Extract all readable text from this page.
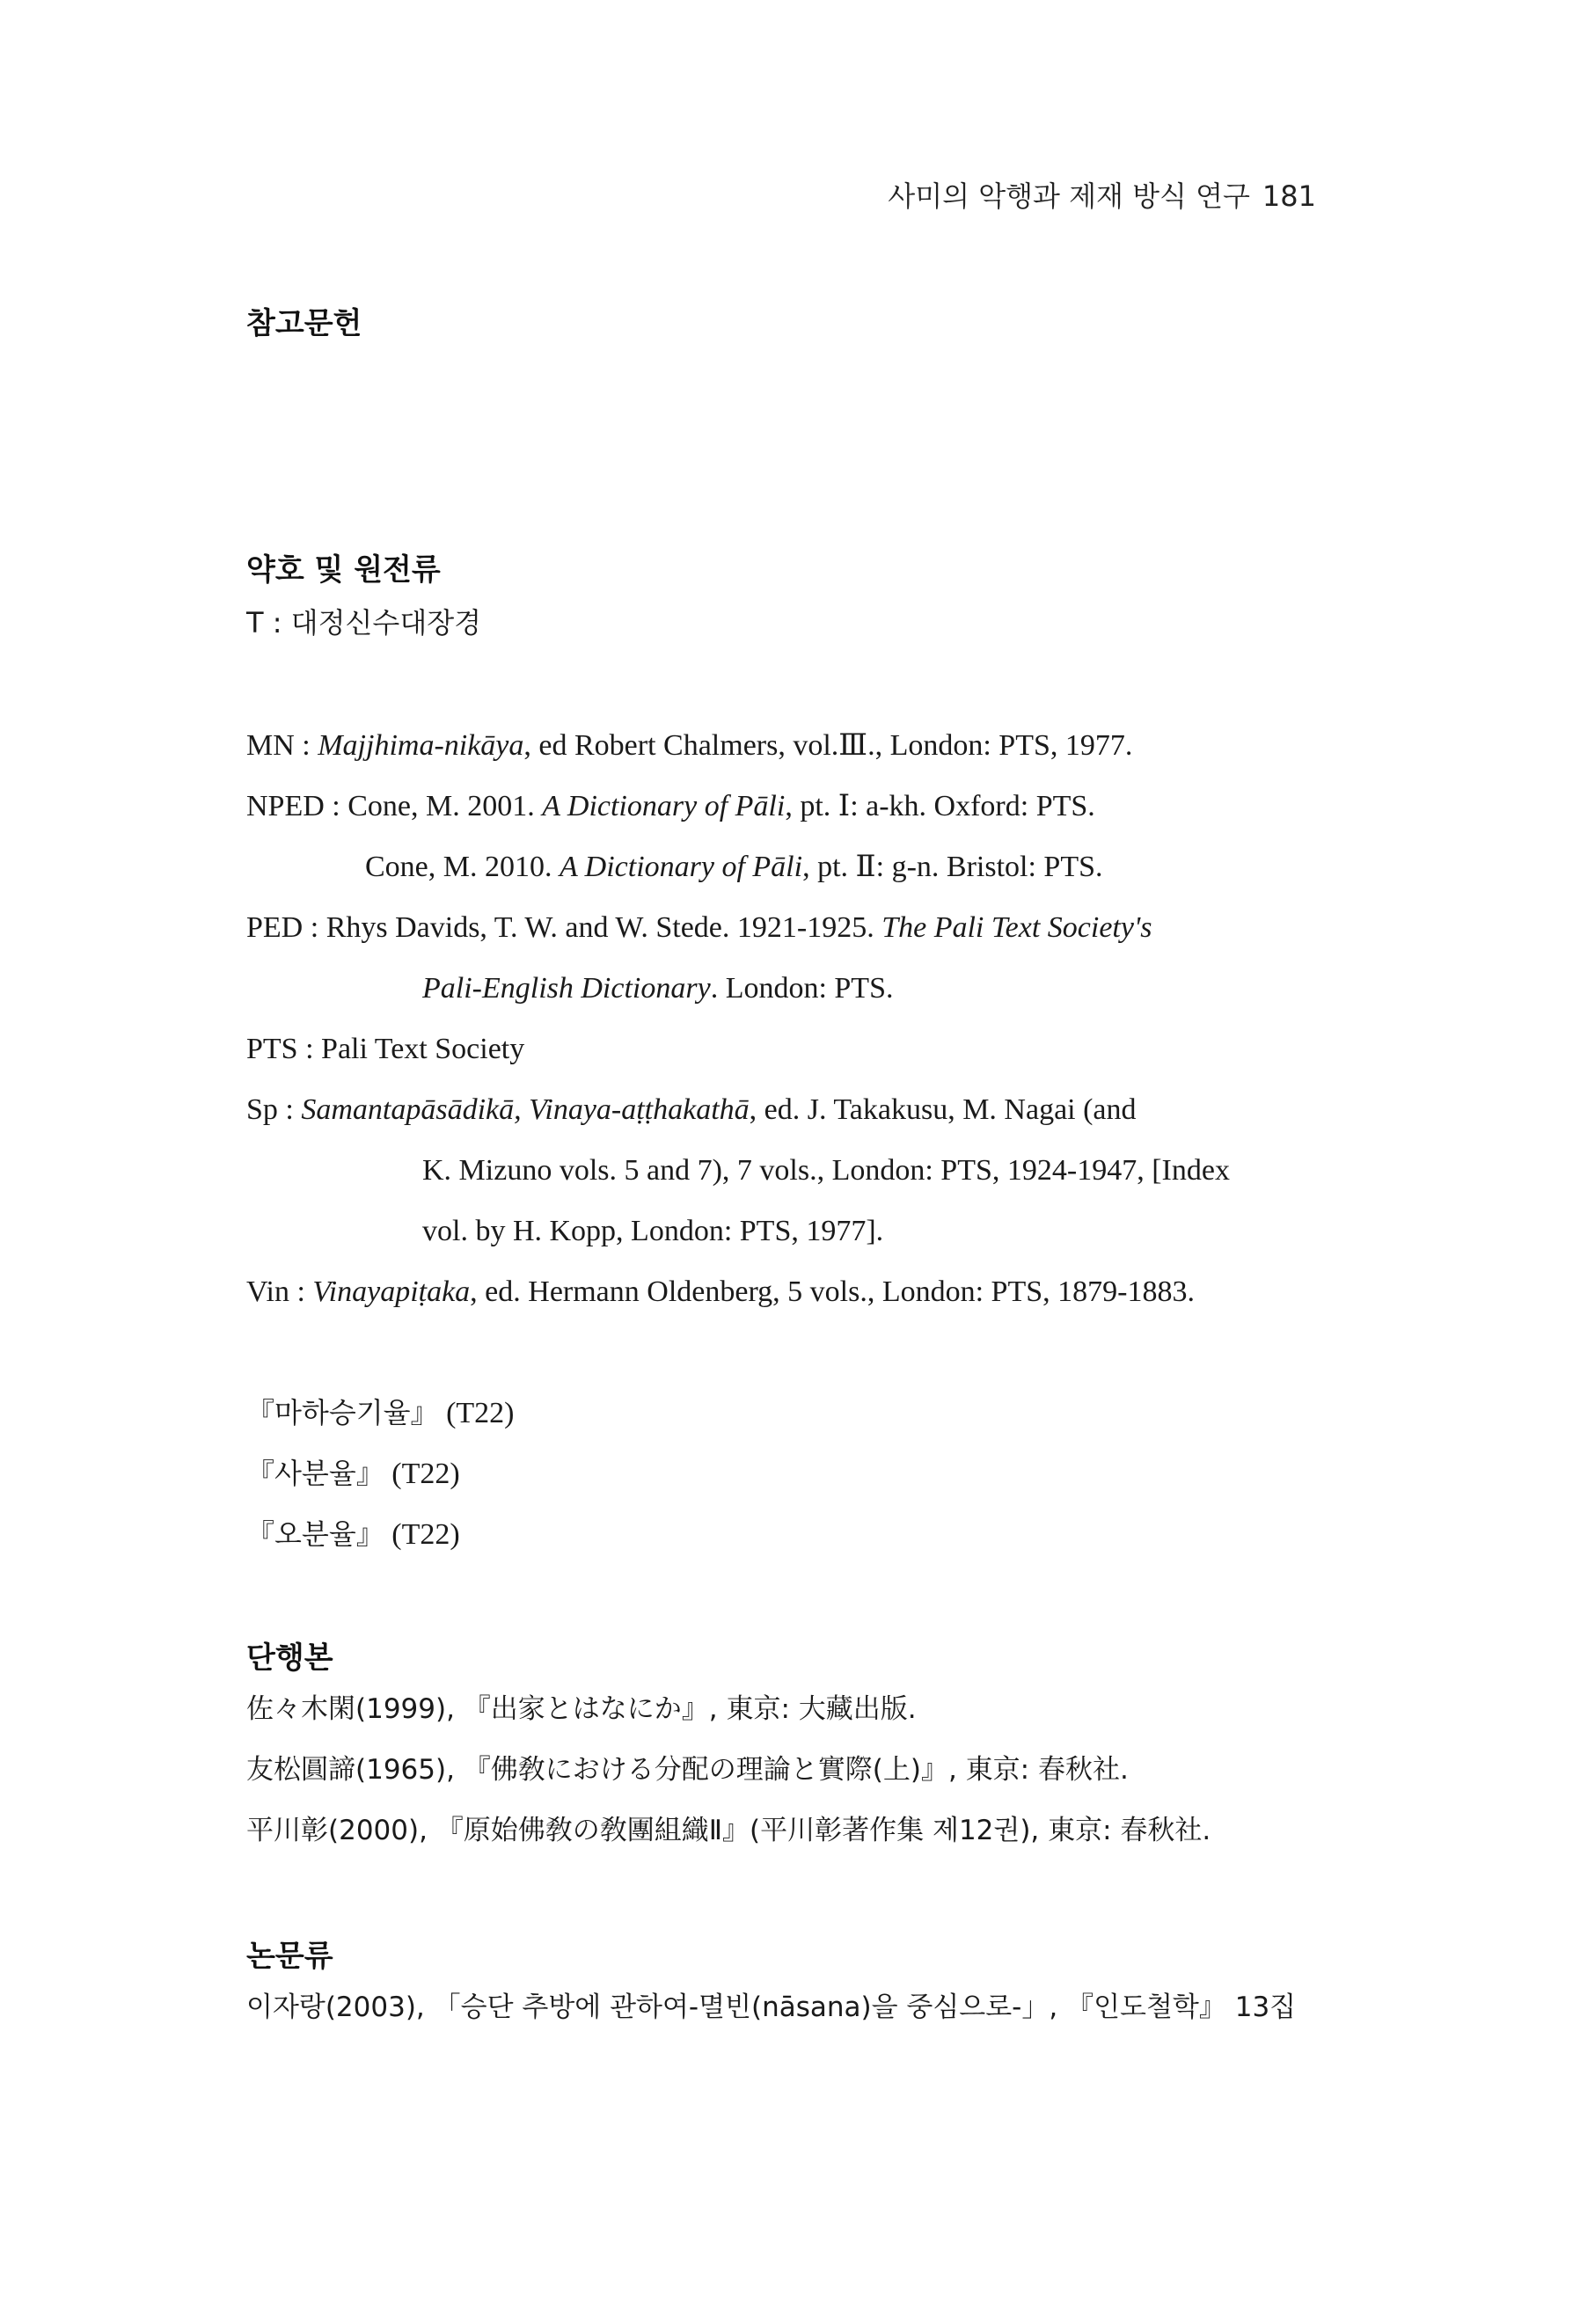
사미의 악행과 제재 방식 연구 181
참고문헌
약호 및 원전류
T : 대정신수대장경
MN : Majjhima-nikāya, ed Robert Chalmers, vol.Ⅲ., London: PTS, 1977.
NPED : Cone, M. 2001. A Dictionary of Pāli, pt. Ⅰ: a-kh. Oxford: PTS.
Cone, M. 2010. A Dictionary of Pāli, pt. Ⅱ: g-n. Bristol: PTS.
PED : Rhys Davids, T. W. and W. Stede. 1921-1925. The Pali Text Society's
Pali-English Dictionary. London: PTS.
PTS : Pali Text Society
Sp : Samantapāsādikā, Vinaya-aṭṭhakathā, ed. J. Takakusu, M. Nagai (and
K. Mizuno vols. 5 and 7), 7 vols., London: PTS, 1924-1947, [Index
vol. by H. Kopp, London: PTS, 1977].
Vin : Vinayapiṭaka, ed. Hermann Oldenberg, 5 vols., London: PTS, 1879-1883.
『마하승기율』 (T22)
『사분율』 (T22)
『오분율』 (T22)
단행본
佐々木閑(1999), 『出家とはなにか』, 東京: 大藏出版.
友松圓諦(1965), 『佛敎における分配の理論と實際(上)』, 東京: 春秋社.
平川彰(2000), 『原始佛敎の敎團組織Ⅱ』(平川彰著作集 제12권), 東京: 春秋社.
논문류
이자랑(2003), 「승단 추방에 관하여-멸빈(nāsana)을 중심으로-」, 『인도철학』 13집
